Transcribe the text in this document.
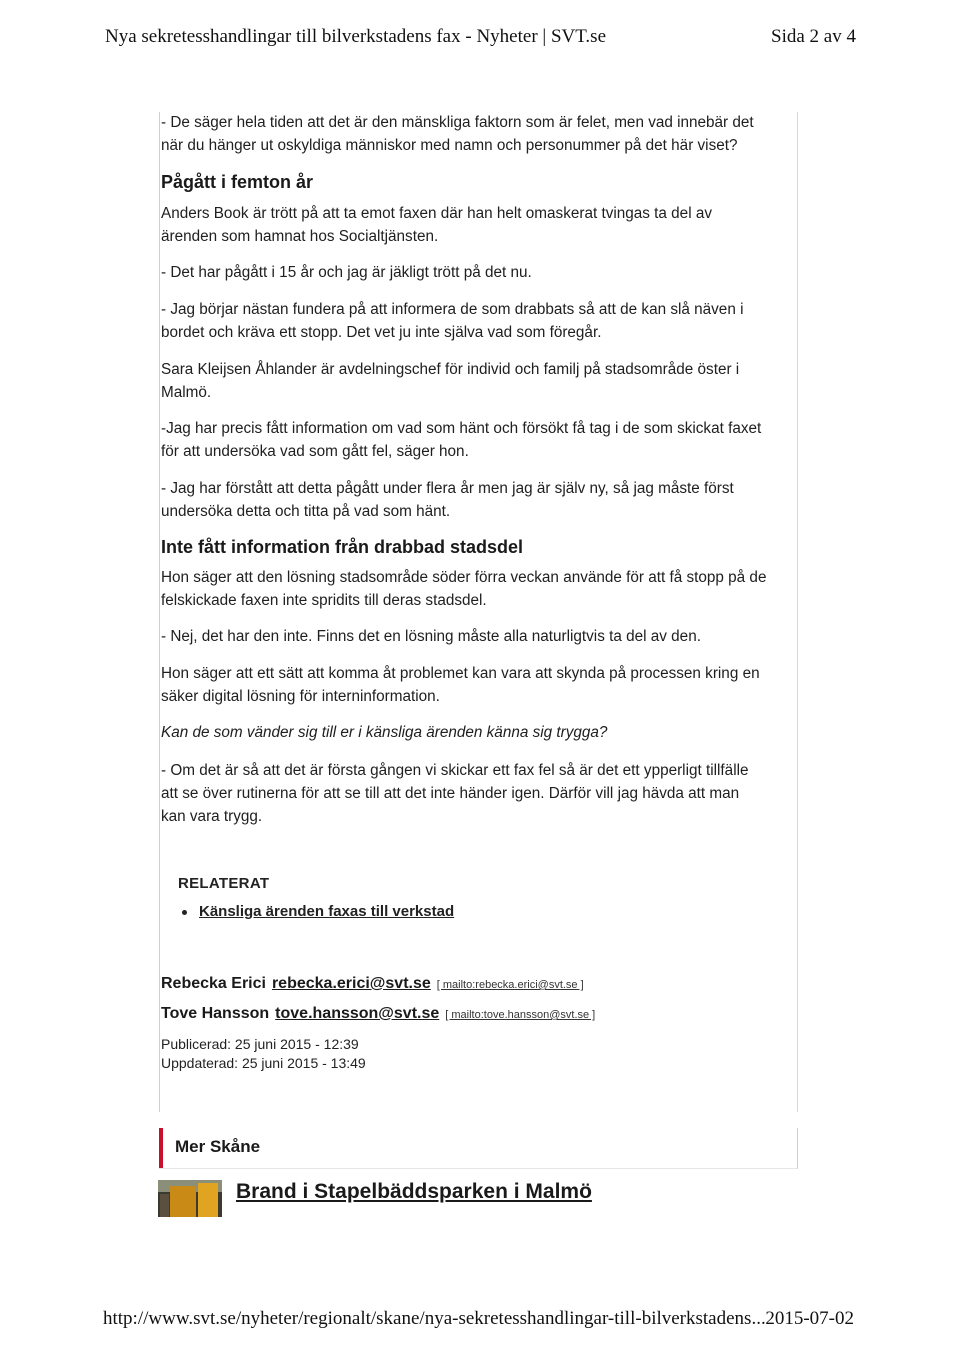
Nya sekretesshandlingar till bilverkstadens fax - Nyheter | SVT.se	Sida 2 av 4
- De säger hela tiden att det är den mänskliga faktorn som är felet, men vad innebär det
när du hänger ut oskyldiga människor med namn och personummer på det här viset?
Pågått i femton år
Anders Book är trött på att ta emot faxen där han helt omaskerat tvingas ta del av
ärenden som hamnat hos Socialtjänsten.
- Det har pågått i 15 år och jag är jäkligt trött på det nu.
- Jag börjar nästan fundera på att informera de som drabbats så att de kan slå näven i
bordet och kräva ett stopp. Det vet ju inte själva vad som föregår.
Sara Kleijsen Åhlander är avdelningschef för individ och familj på stadsområde öster i
Malmö.
-Jag har precis fått information om vad som hänt och försökt få tag i de som skickat faxet
för att undersöka vad som gått fel, säger hon.
- Jag har förstått att detta pågått under flera år men jag är själv ny, så jag måste först
undersöka detta och titta på vad som hänt.
Inte fått information från drabbad stadsdel
Hon säger att den lösning stadsområde söder förra veckan använde för att få stopp på de
felskickade faxen inte spridits till deras stadsdel.
- Nej, det har den inte. Finns det en lösning måste alla naturligtvis ta del av den.
Hon säger att ett sätt att komma åt problemet kan vara att skynda på processen kring en
säker digital lösning för interninformation.
Kan de som vänder sig till er i känsliga ärenden känna sig trygga?
- Om det är så att det är första gången vi skickar ett fax fel så är det ett ypperligt tillfälle
att se över rutinerna för att se till att det inte händer igen. Därför vill jag hävda att man
kan vara trygg.
RELATERAT
Känsliga ärenden faxas till verkstad
Rebecka Erici rebecka.erici@svt.se [ mailto:rebecka.erici@svt.se ]
Tove Hansson tove.hansson@svt.se [ mailto:tove.hansson@svt.se ]
Publicerad: 25 juni 2015 - 12:39
Uppdaterad: 25 juni 2015 - 13:49
Mer Skåne
Brand i Stapelbäddsparken i Malmö
http://www.svt.se/nyheter/regionalt/skane/nya-sekretesshandlingar-till-bilverkstadens... 2015-07-02
